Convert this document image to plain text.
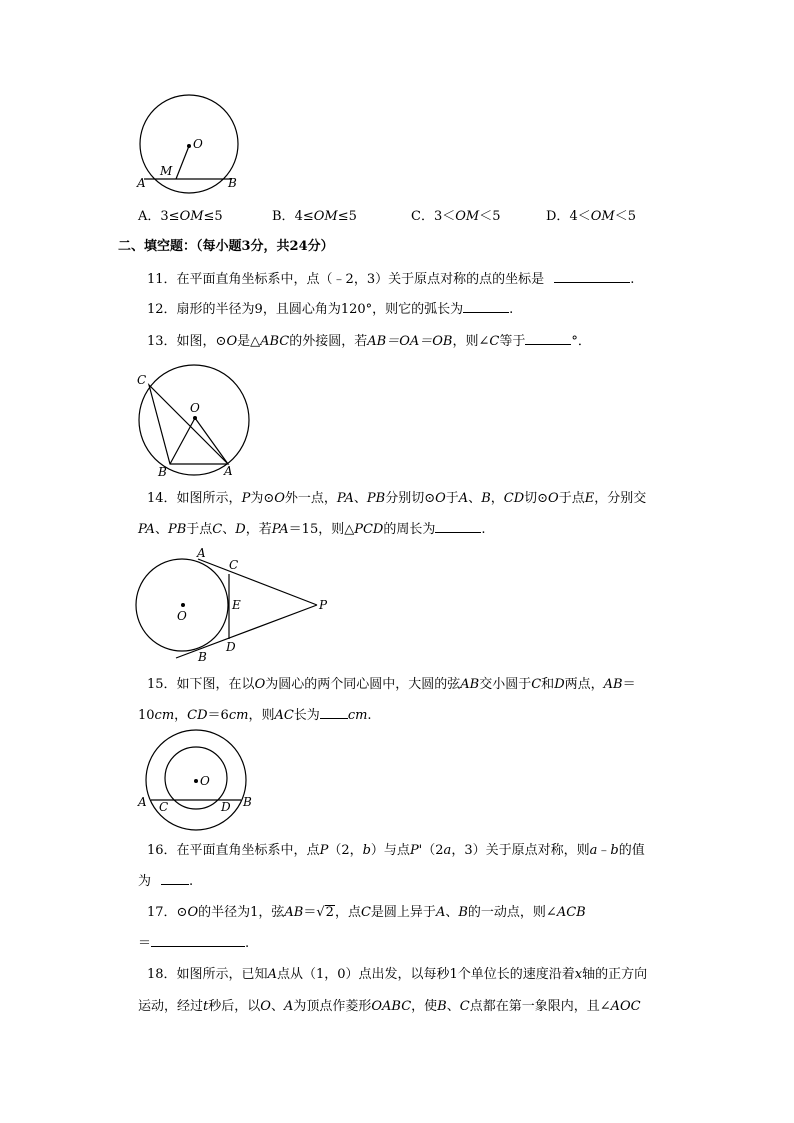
O
M
A	B
A．3≤OM≤5	B．4≤OM≤5	C．3＜OM＜5	D．4＜OM＜5
二、填空题：（每小题3分，共24分）
11．在平面直角坐标系中，点（﹣2，3）关于原点对称的点的坐标是	.
12．扇形的半径为9，且圆心角为120°，则它的弧长为	.
13．如图，⊙O是△ABC的外接圆，若AB＝OA＝OB，则∠C等于	°．
C
O
B	A
14．如图所示，P为⊙O外一点，PA、PB分别切⊙O于A、B，CD切⊙O于点E，分别交
PA、PB于点C、D，若PA＝15，则△PCD的周长为	.
A
C
E
O
P
D
B
15．如下图，在以O为圆心的两个同心圆中，大圆的弦AB交小圆于C和D两点，AB＝
10cm，CD＝6cm，则AC长为 cm.
O
A C	D B
16．在平面直角坐标系中，点P（2，b）与点P'（2a，3）关于原点对称，则a﹣b的值
为	.
17．⊙O的半径为1，弦AB＝√2，点C是圆上异于A、B的一动点，则∠ACB
＝	.
18．如图所示，已知A点从（1，0）点出发，以每秒1个单位长的速度沿着x轴的正方向
运动，经过t秒后，以O、A为顶点作菱形OABC，使B、C点都在第一象限内，且∠AOC
